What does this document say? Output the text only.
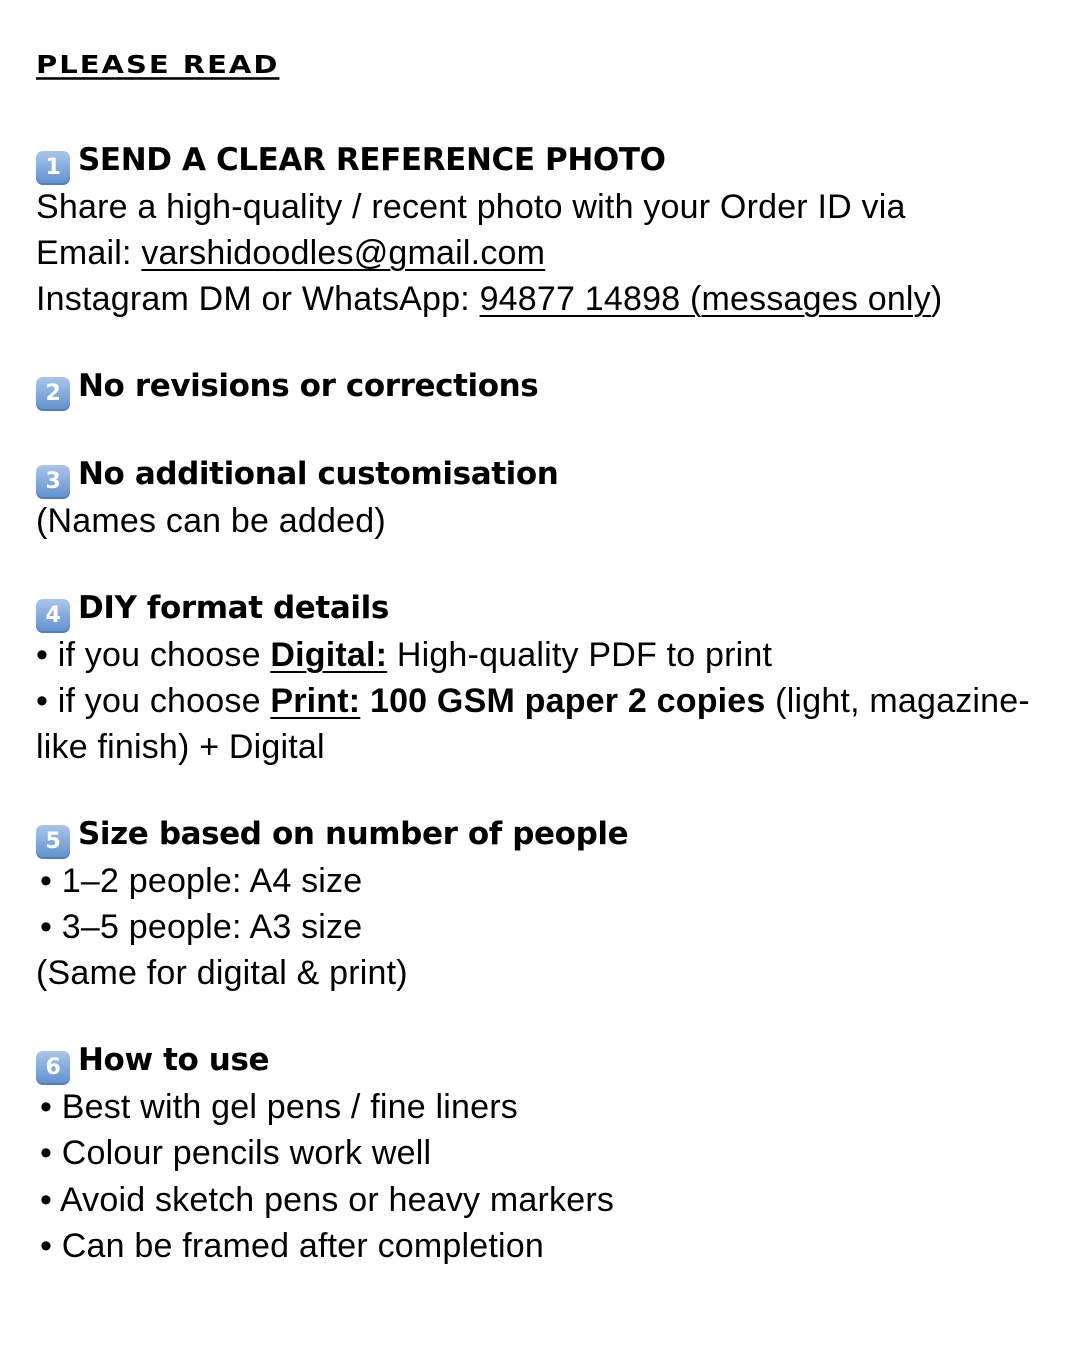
PLEASE READ
1 SEND A CLEAR REFERENCE PHOTO
Share a high-quality / recent photo with your Order ID via
Email: varshidoodles@gmail.com
Instagram DM or WhatsApp: 94877 14898 (messages only)
2 No revisions or corrections
3 No additional customisation
(Names can be added)
4 DIY format details
• if you choose Digital: High-quality PDF to print
• if you choose Print: 100 GSM paper 2 copies (light, magazine-
like finish) + Digital
5 Size based on number of people
• 1–2 people: A4 size
• 3–5 people: A3 size
(Same for digital & print)
6 How to use
• Best with gel pens / fine liners
• Colour pencils work well
• Avoid sketch pens or heavy markers
• Can be framed after completion
